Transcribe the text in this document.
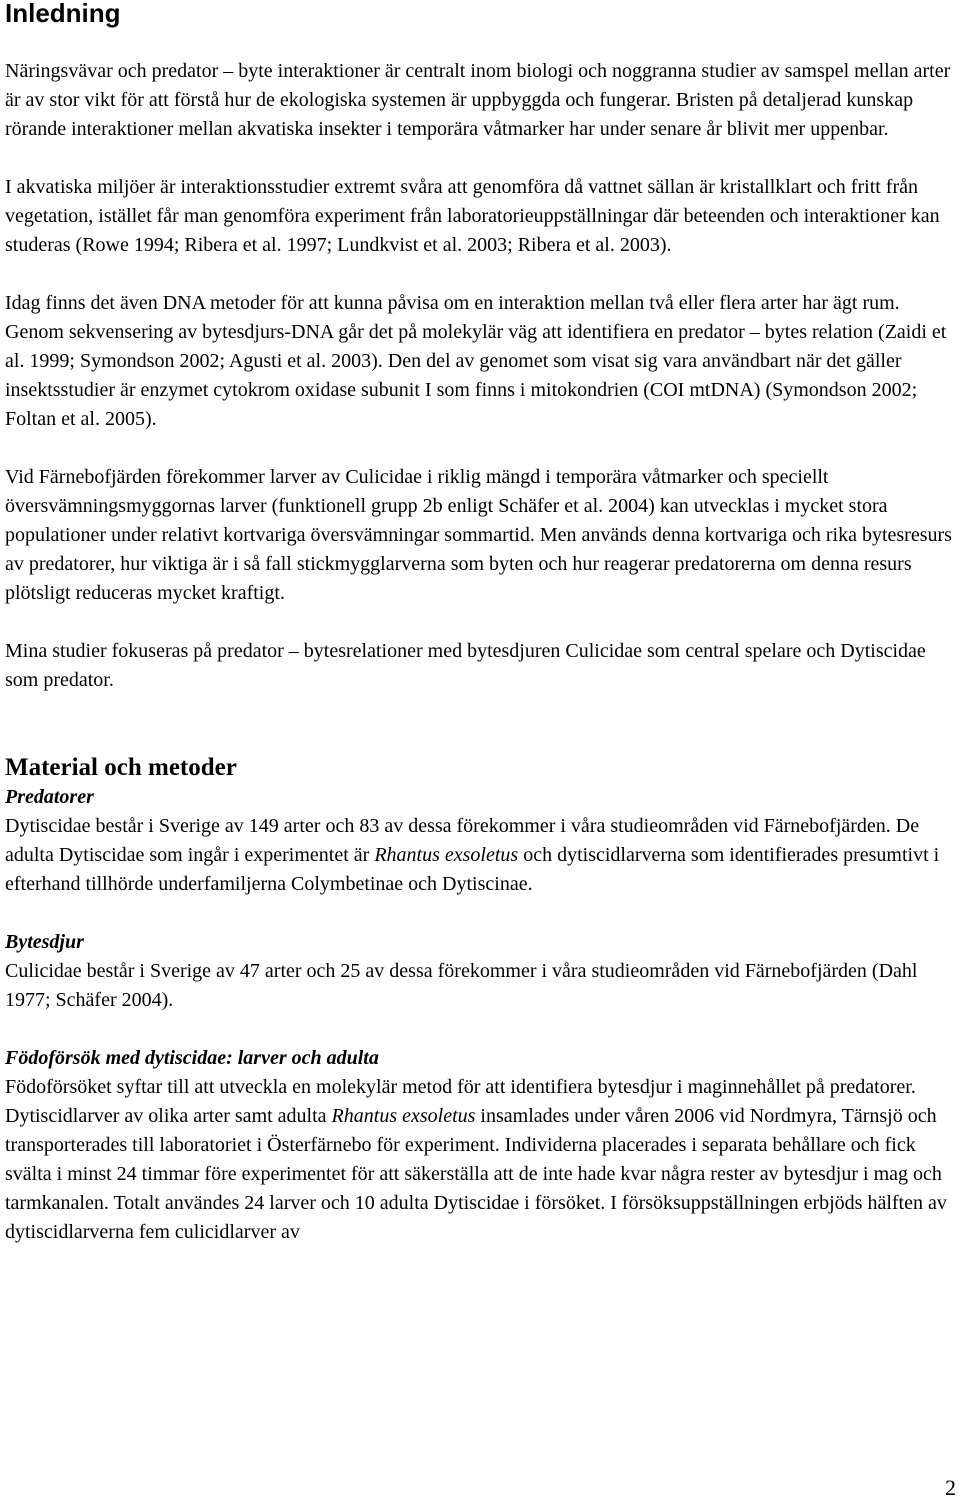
Inledning

Näringsvävar och predator – byte interaktioner är centralt inom biologi och noggranna studier av samspel mellan arter är av stor vikt för att förstå hur de ekologiska systemen är uppbyggda och fungerar. Bristen på detaljerad kunskap rörande interaktioner mellan akvatiska insekter i temporära våtmarker har under senare år blivit mer uppenbar.

I akvatiska miljöer är interaktionsstudier extremt svåra att genomföra då vattnet sällan är kristallklart och fritt från vegetation, istället får man genomföra experiment från laboratorieuppställningar där beteenden och interaktioner kan studeras (Rowe 1994; Ribera et al. 1997; Lundkvist et al. 2003; Ribera et al. 2003).

Idag finns det även DNA metoder för att kunna påvisa om en interaktion mellan två eller flera arter har ägt rum. Genom sekvensering av bytesdjurs-DNA går det på molekylär väg att identifiera en predator – bytes relation (Zaidi et al. 1999; Symondson 2002; Agusti et al. 2003). Den del av genomet som visat sig vara användbart när det gäller insektsstudier är enzymet cytokrom oxidase subunit I som finns i mitokondrien (COI mtDNA) (Symondson 2002; Foltan et al. 2005).

Vid Färnebofjärden förekommer larver av Culicidae i riklig mängd i temporära våtmarker och speciellt översvämningsmyggornas larver (funktionell grupp 2b enligt Schäfer et al. 2004) kan utvecklas i mycket stora populationer under relativt kortvariga översvämningar sommartid. Men används denna kortvariga och rika bytesresurs av predatorer, hur viktiga är i så fall stickmygglarverna som byten och hur reagerar predatorerna om denna resurs plötsligt reduceras mycket kraftigt.

Mina studier fokuseras på predator – bytesrelationer med bytesdjuren Culicidae som central spelare och Dytiscidae som predator.

Material och metoder
Predatorer

Dytiscidae består i Sverige av 149 arter och 83 av dessa förekommer i våra studieområden vid Färnebofjärden. De adulta Dytiscidae som ingår i experimentet är Rhantus exsoletus och dytiscidlarverna som identifierades presumtivt i efterhand tillhörde underfamiljerna Colymbetinae och Dytiscinae.

Bytesdjur

Culicidae består i Sverige av 47 arter och 25 av dessa förekommer i våra studieområden vid Färnebofjärden (Dahl 1977; Schäfer 2004).

Födoförsök med dytiscidae: larver och adulta

Födoförsöket syftar till att utveckla en molekylär metod för att identifiera bytesdjur i maginnehållet på predatorer. Dytiscidlarver av olika arter samt adulta Rhantus exsoletus insamlades under våren 2006 vid Nordmyra, Tärnsjö och transporterades till laboratoriet i Österfärnebo för experiment. Individerna placerades i separata behållare och fick svälta i minst 24 timmar före experimentet för att säkerställa att de inte hade kvar några rester av bytesdjur i mag och tarmkanalen. Totalt användes 24 larver och 10 adulta Dytiscidae i försöket. I försöksuppställningen erbjöds hälften av dytiscidlarverna fem culicidlarver av

2
